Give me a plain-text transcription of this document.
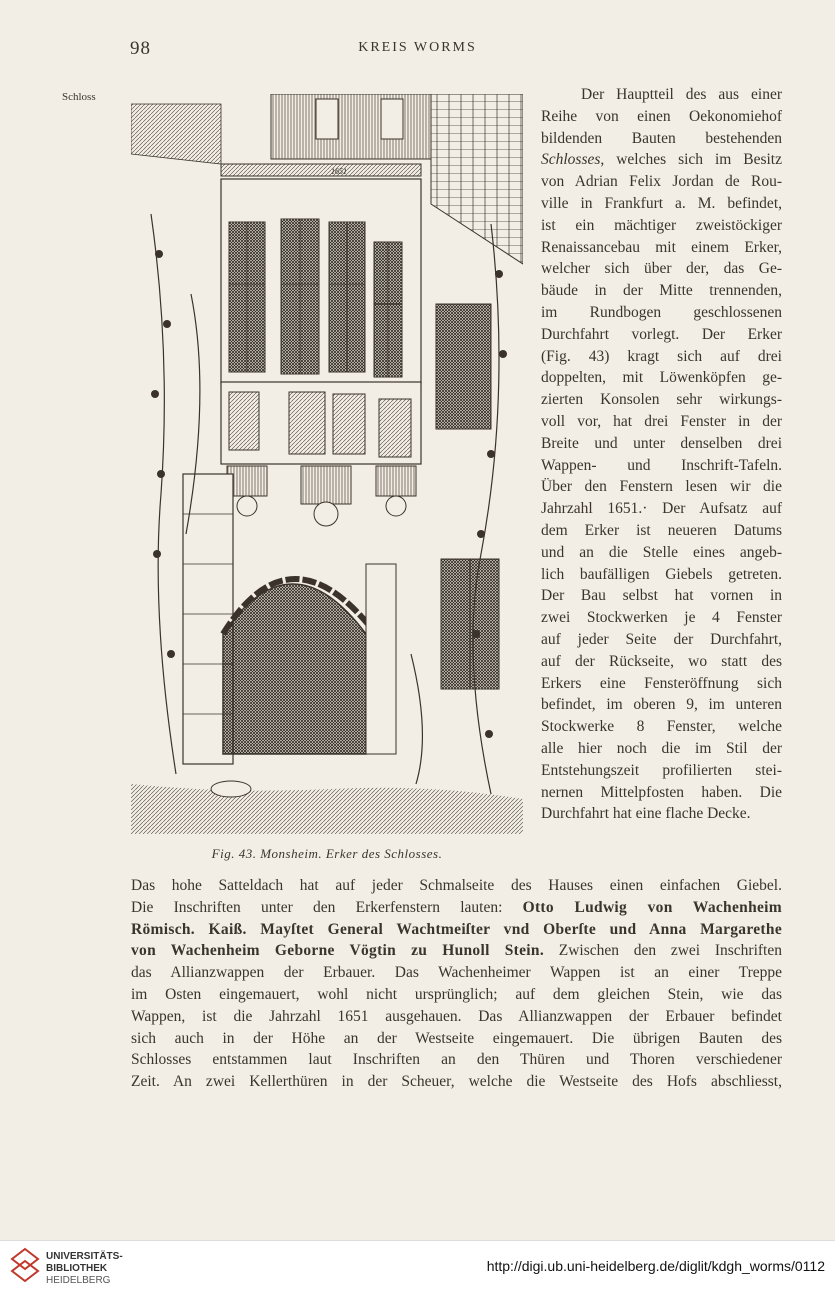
98	KREIS WORMS
Schloss
1651
Fig. 43. Monsheim. Erker des Schlosses.
Der Hauptteil des aus einer
Reihe von einen Oekonomiehof
bildenden Bauten bestehenden
Schlosses, welches sich im Besitz
von Adrian Felix Jordan de Rou-
ville in Frankfurt a. M. befindet,
ist ein mächtiger zweistöckiger
Renaissancebau mit einem Erker,
welcher sich über der, das Ge-
bäude in der Mitte trennenden,
im Rundbogen geschlossenen
Durchfahrt vorlegt. Der Erker
(Fig. 43) kragt sich auf drei
doppelten, mit Löwenköpfen ge-
zierten Konsolen sehr wirkungs-
voll vor, hat drei Fenster in der
Breite und unter denselben drei
Wappen- und Inschrift-Tafeln.
Über den Fenstern lesen wir die
Jahrzahl 1651.· Der Aufsatz auf
dem Erker ist neueren Datums
und an die Stelle eines angeb-
lich baufälligen Giebels getreten.
Der Bau selbst hat vornen in
zwei Stockwerken je 4 Fenster
auf jeder Seite der Durchfahrt,
auf der Rückseite, wo statt des
Erkers eine Fensteröffnung sich
befindet, im oberen 9, im unteren
Stockwerke 8 Fenster, welche
alle hier noch die im Stil der
Entstehungszeit profilierten stei-
nernen Mittelpfosten haben. Die
Durchfahrt hat eine flache Decke.
Das hohe Satteldach hat auf jeder Schmalseite des Hauses einen einfachen Giebel.
Die Inschriften unter den Erkerfenstern lauten: Otto Ludwig von Wachenheim
Römisch. Kaiß. Mayſtet General Wachtmeiſter vnd Oberſte und Anna Margarethe
von Wachenheim Geborne Vögtin zu Hunoll Stein. Zwischen den zwei Inschriften
das Allianzwappen der Erbauer. Das Wachenheimer Wappen ist an einer Treppe
im Osten eingemauert, wohl nicht ursprünglich; auf dem gleichen Stein, wie das
Wappen, ist die Jahrzahl 1651 ausgehauen. Das Allianzwappen der Erbauer befindet
sich auch in der Höhe an der Westseite eingemauert. Die übrigen Bauten des
Schlosses entstammen laut Inschriften an den Thüren und Thoren verschiedener
Zeit. An zwei Kellerthüren in der Scheuer, welche die Westseite des Hofs abschliesst,
UNIVERSITÄTS-
BIBLIOTHEK
HEIDELBERG
http://digi.ub.uni-heidelberg.de/diglit/kdgh_worms/0112
